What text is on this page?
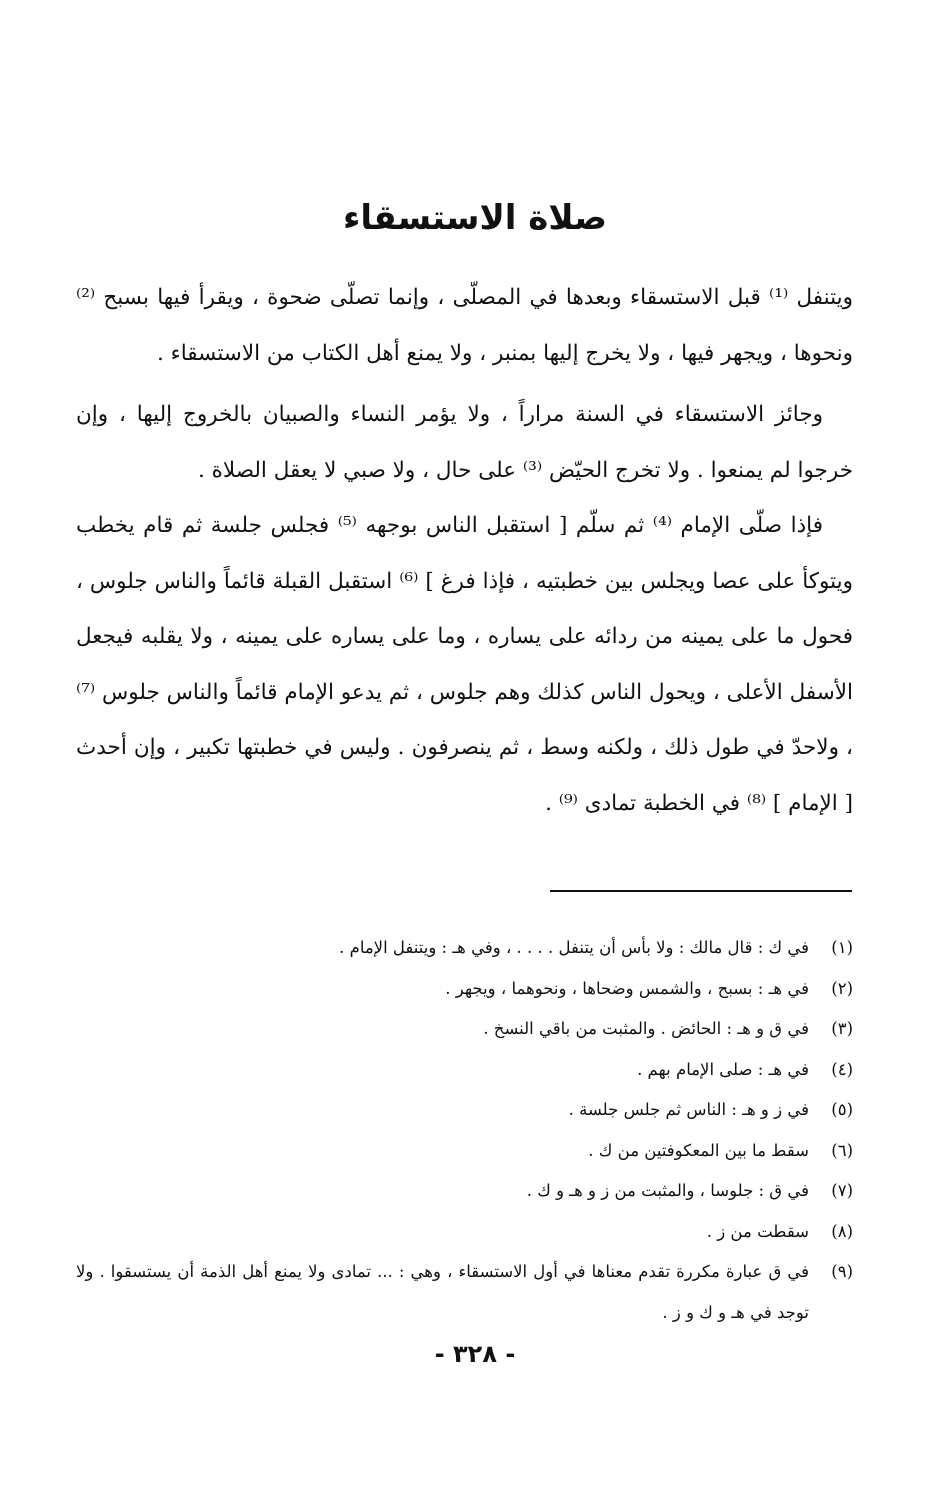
صلاة الاستسقاء

ويتنفل ⁽¹⁾ قبل الاستسقاء وبعدها في المصلّى ، وإنما تصلّى ضحوة ، ويقرأ فيها بسبح ⁽²⁾ ونحوها ، ويجهر فيها ، ولا يخرج إليها بمنبر ، ولا يمنع أهل الكتاب من الاستسقاء .

وجائز الاستسقاء في السنة مراراً ، ولا يؤمر النساء والصبيان بالخروج إليها ، وإن خرجوا لم يمنعوا . ولا تخرج الحيّض ⁽³⁾ على حال ، ولا صبي لا يعقل الصلاة .

فإذا صلّى الإمام ⁽⁴⁾ ثم سلّم [ استقبل الناس بوجهه ⁽⁵⁾ فجلس جلسة ثم قام يخطب ويتوكأ على عصا ويجلس بين خطبتيه ، فإذا فرغ ] ⁽⁶⁾ استقبل القبلة قائماً والناس جلوس ، فحول ما على يمينه من ردائه على يساره ، وما على يساره على يمينه ، ولا يقلبه فيجعل الأسفل الأعلى ، ويحول الناس كذلك وهم جلوس ، ثم يدعو الإمام قائماً والناس جلوس ⁽⁷⁾ ، ولاحدّ في طول ذلك ، ولكنه وسط ، ثم ينصرفون . وليس في خطبتها تكبير ، وإن أحدث [ الإمام ] ⁽⁸⁾ في الخطبة تمادى ⁽⁹⁾ .

(١)
في ك : قال مالك : ولا بأس أن يتنفل . . . . ، وفي هـ : ويتنفل الإمام .
(٢)
في هـ : بسبح ، والشمس وضحاها ، ونحوهما ، ويجهر .
(٣)
في ق و هـ : الحائض . والمثبت من باقي النسخ .
(٤)
في هـ : صلى الإمام بهم .
(٥)
في ز و هـ : الناس ثم جلس جلسة .
(٦)
سقط ما بين المعكوفتين من ك .
(٧)
في ق : جلوسا ، والمثبت من ز و هـ و ك .
(٨)
سقطت من ز .
(٩)
في ق عبارة مكررة تقدم معناها في أول الاستسقاء ، وهي : ... تمادى ولا يمنع أهل الذمة أن يستسقوا . ولا توجد في هـ و ك و ز .
- ٣٢٨ -
